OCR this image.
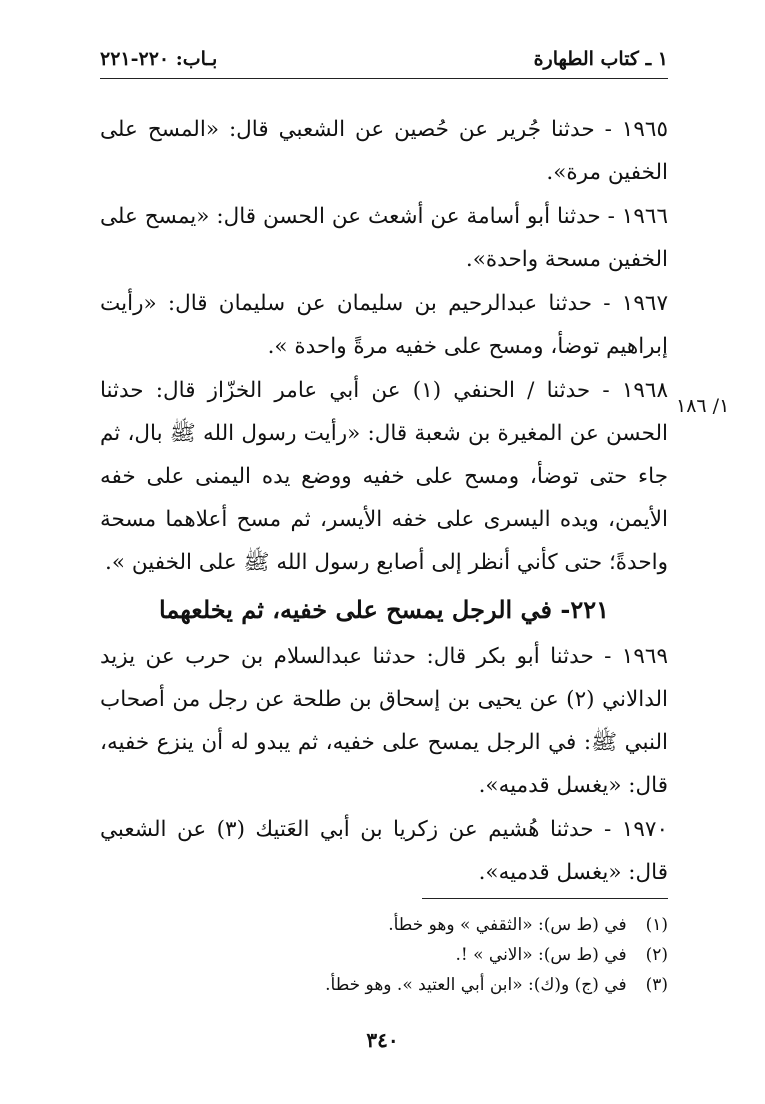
١ ـ كتاب الطهارة
بـاب: ٢٢٠-٢٢١
١/ ١٨٦

١٩٦٥ - حدثنا جُرير عن حُصين عن الشعبي قال: «المسح على الخفين مرة».

١٩٦٦ - حدثنا أبو أسامة عن أشعث عن الحسن قال: «يمسح على الخفين مسحة واحدة».

١٩٦٧ - حدثنا عبدالرحيم بن سليمان عن سليمان قال: «رأيت إبراهيم توضأ، ومسح على خفيه مرةً واحدة ».

١٩٦٨ - حدثنا / الحنفي (١) عن أبي عامر الخزّاز قال: حدثنا الحسن عن المغيرة بن شعبة قال: «رأيت رسول الله ﷺ بال، ثم جاء حتى توضأ، ومسح على خفيه ووضع يده اليمنى على خفه الأيمن، ويده اليسرى على خفه الأيسر، ثم مسح أعلاهما مسحة واحدةً؛ حتى كأني أنظر إلى أصابع رسول الله ﷺ على الخفين ».

٢٢١- في الرجل يمسح على خفيه، ثم يخلعهما

١٩٦٩ - حدثنا أبو بكر قال: حدثنا عبدالسلام بن حرب عن يزيد الدالاني (٢) عن يحيى بن إسحاق بن طلحة عن رجل من أصحاب النبي ﷺ: في الرجل يمسح على خفيه، ثم يبدو له أن ينزع خفيه، قال: «يغسل قدميه».

١٩٧٠ - حدثنا هُشيم عن زكريا بن أبي العَتيك (٣) عن الشعبي قال: «يغسل قدميه».

(١) في (ط س): «الثقفي » وهو خطأ.
(٢) في (ط س): «الاني » !.
(٣) في (ج) و(ك): «ابن أبي العتيد ». وهو خطأ.
٣٤٠
